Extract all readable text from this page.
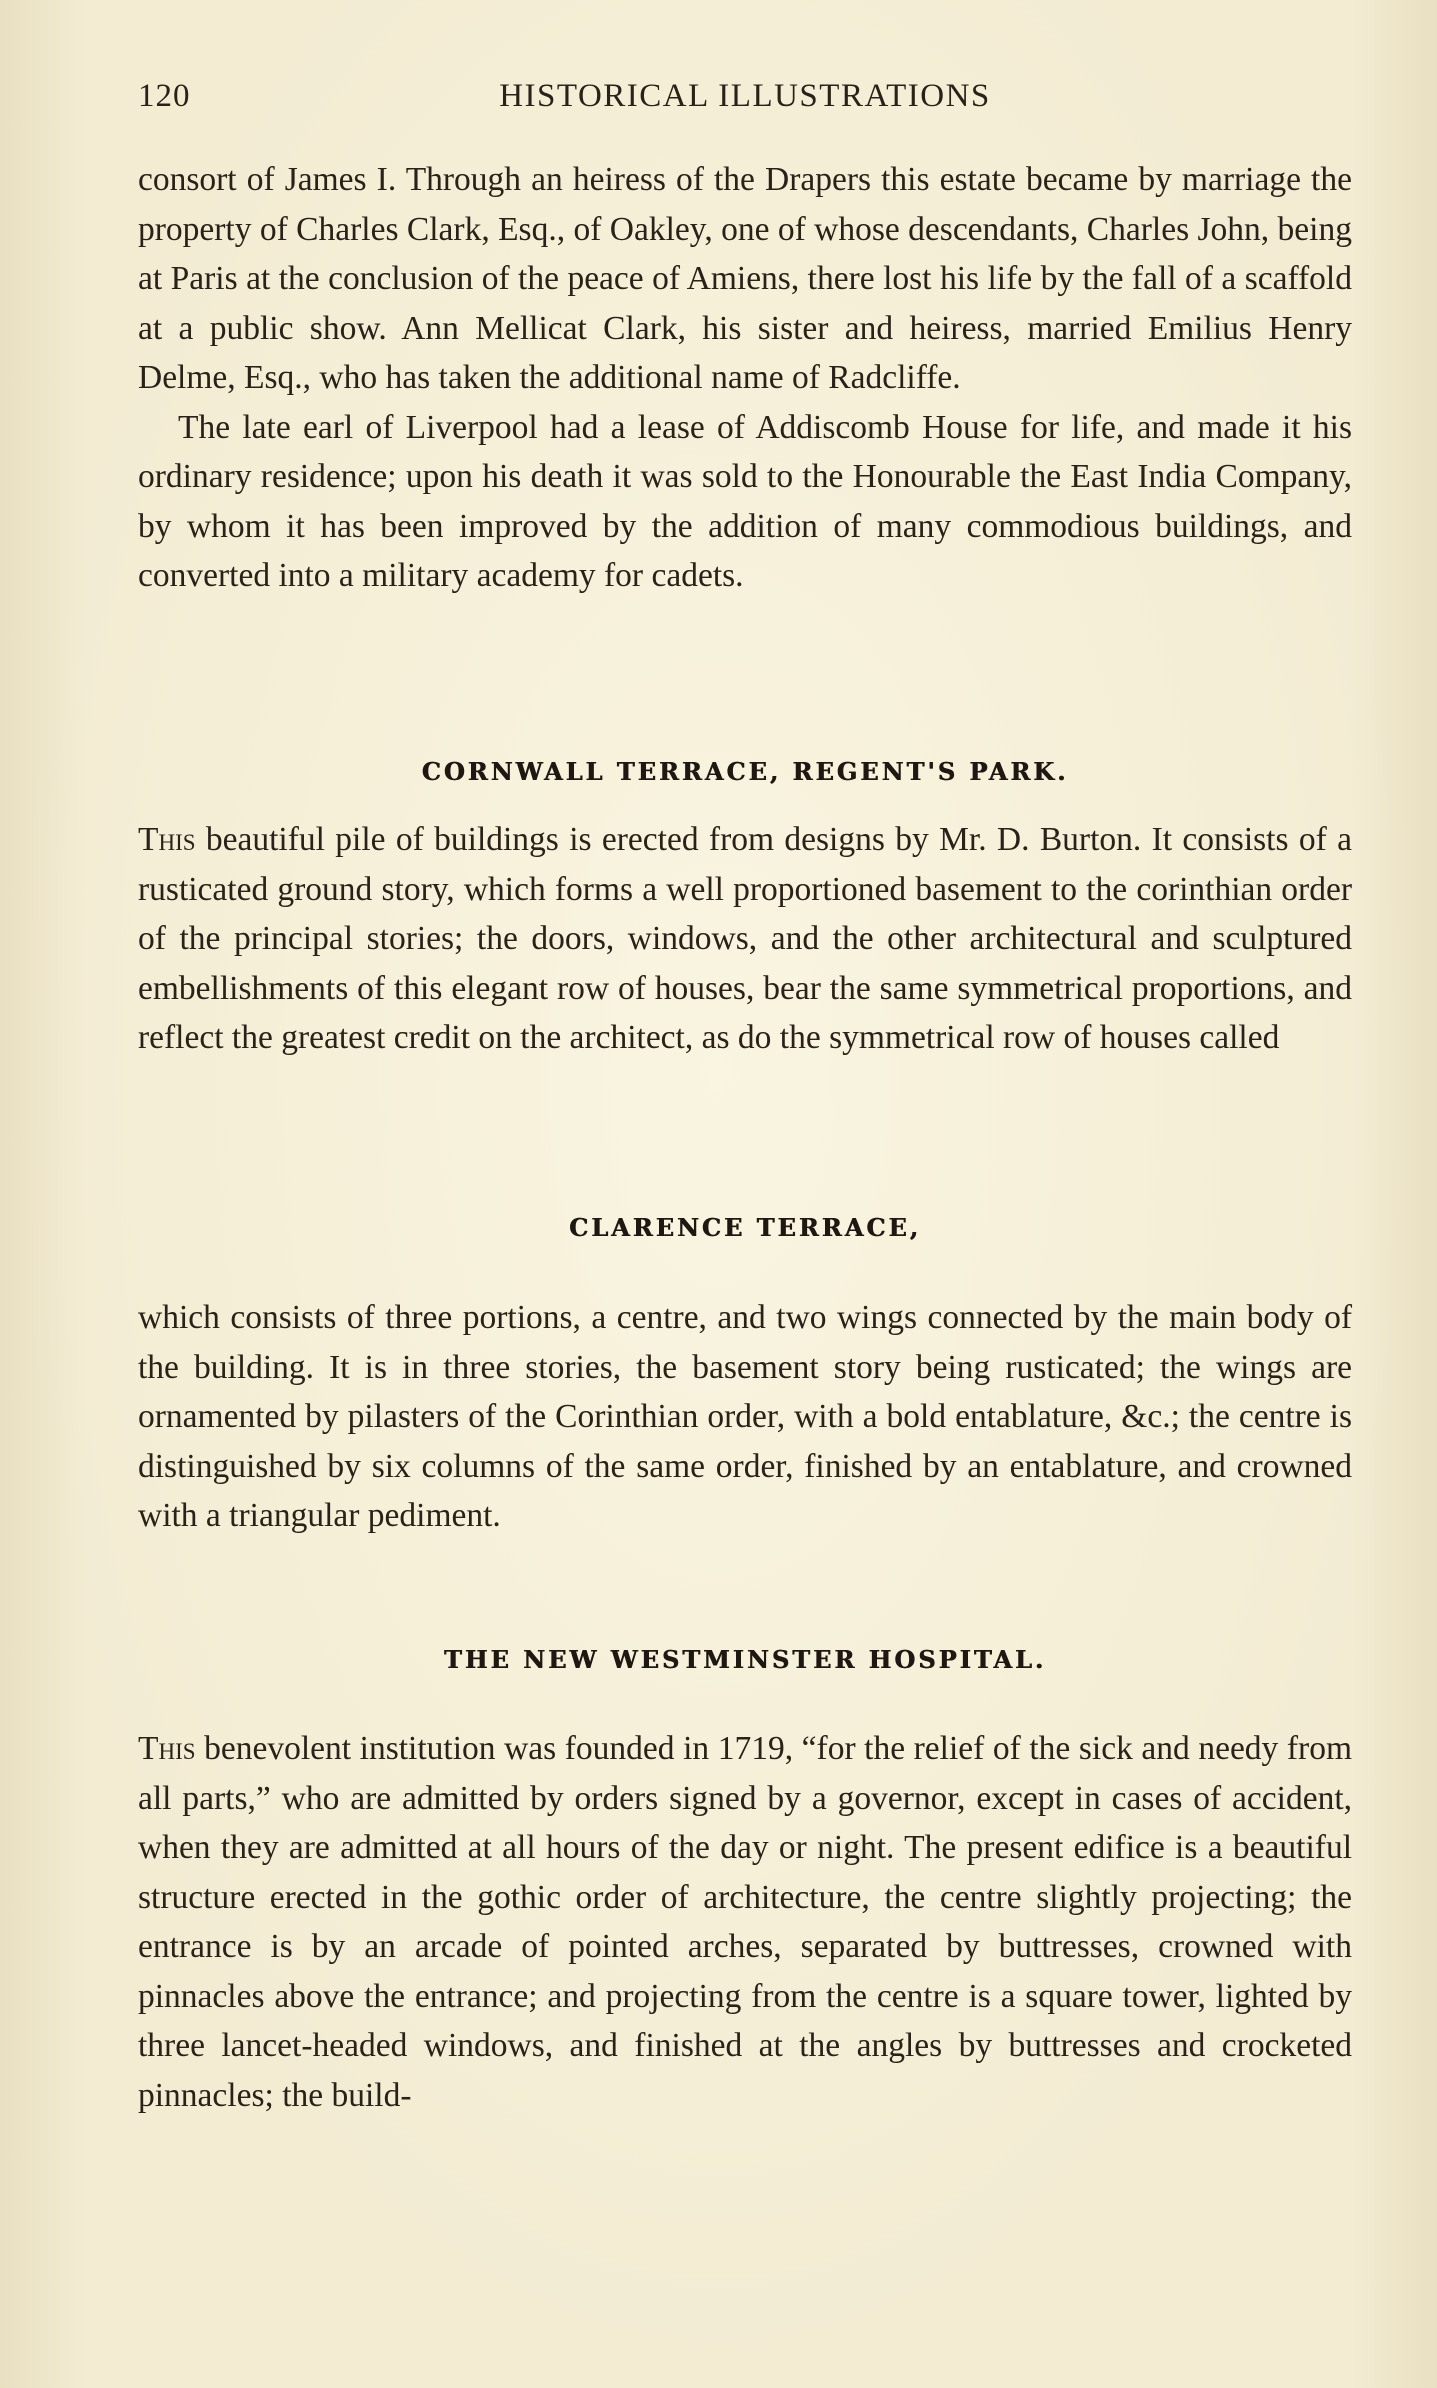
120	HISTORICAL ILLUSTRATIONS

consort of James I. Through an heiress of the Drapers this estate became by marriage the property of Charles Clark, Esq., of Oakley, one of whose descendants, Charles John, being at Paris at the conclusion of the peace of Amiens, there lost his life by the fall of a scaffold at a public show. Ann Mellicat Clark, his sister and heiress, married Emilius Henry Delme, Esq., who has taken the additional name of Radcliffe.

The late earl of Liverpool had a lease of Addiscomb House for life, and made it his ordinary residence; upon his death it was sold to the Honourable the East India Company, by whom it has been improved by the addition of many commodious buildings, and converted into a military academy for cadets.

CORNWALL TERRACE, REGENT'S PARK.

This beautiful pile of buildings is erected from designs by Mr. D. Burton. It consists of a rusticated ground story, which forms a well proportioned basement to the corinthian order of the principal stories; the doors, windows, and the other architectural and sculptured embellishments of this elegant row of houses, bear the same symmetrical proportions, and reflect the greatest credit on the architect, as do the symmetrical row of houses called

CLARENCE TERRACE,

which consists of three portions, a centre, and two wings connected by the main body of the building. It is in three stories, the basement story being rusticated; the wings are ornamented by pilasters of the Corinthian order, with a bold entablature, &c.; the centre is distinguished by six columns of the same order, finished by an entablature, and crowned with a triangular pediment.

THE NEW WESTMINSTER HOSPITAL.

This benevolent institution was founded in 1719, “for the relief of the sick and needy from all parts,” who are admitted by orders signed by a governor, except in cases of accident, when they are admitted at all hours of the day or night. The present edifice is a beautiful structure erected in the gothic order of architecture, the centre slightly projecting; the entrance is by an arcade of pointed arches, separated by buttresses, crowned with pinnacles above the entrance; and projecting from the centre is a square tower, lighted by three lancet-headed windows, and finished at the angles by buttresses and crocketed pinnacles; the build-
